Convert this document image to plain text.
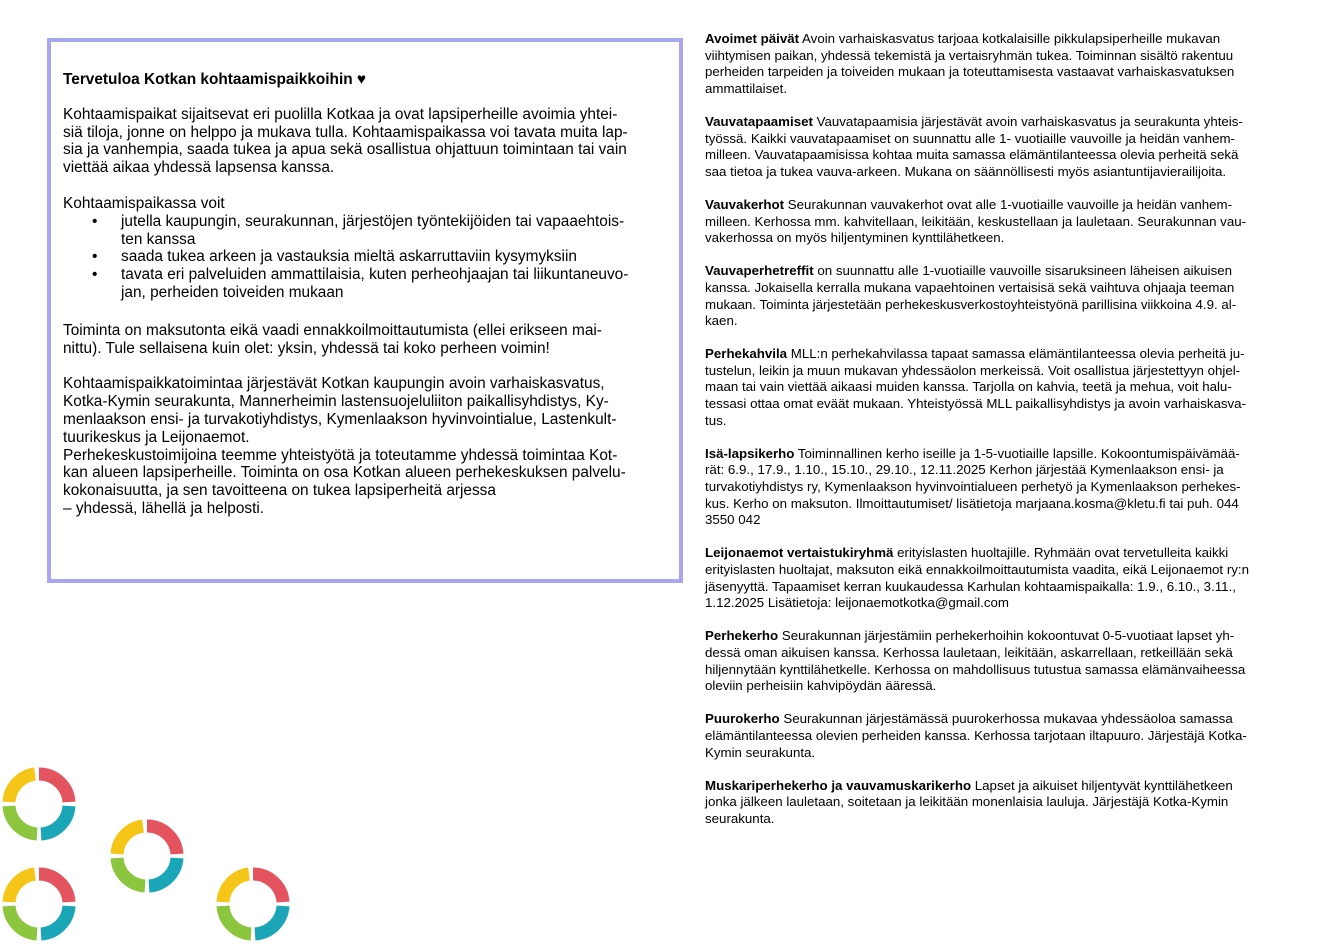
Tervetuloa Kotkan kohtaamispaikkoihin ♥

Kohtaamispaikat sijaitsevat eri puolilla Kotkaa ja ovat lapsiperheille avoimia yhtei-
siä tiloja, jonne on helppo ja mukava tulla. Kohtaamispaikassa voi tavata muita lap-
sia ja vanhempia, saada tukea ja apua sekä osallistua ohjattuun toimintaan tai vain
viettää aikaa yhdessä lapsensa kanssa.

Kohtaamispaikassa voit

• jutella kaupungin, seurakunnan, järjestöjen työntekijöiden tai vapaaehtois-
ten kanssa
• saada tukea arkeen ja vastauksia mieltä askarruttaviin kysymyksiin
• tavata eri palveluiden ammattilaisia, kuten perheohjaajan tai liikuntaneuvo-
jan, perheiden toiveiden mukaan

Toiminta on maksutonta eikä vaadi ennakkoilmoittautumista (ellei erikseen mai-
nittu). Tule sellaisena kuin olet: yksin, yhdessä tai koko perheen voimin!

Kohtaamispaikkatoimintaa järjestävät Kotkan kaupungin avoin varhaiskasvatus,
Kotka-Kymin seurakunta, Mannerheimin lastensuojeluliiton paikallisyhdistys, Ky-
menlaakson ensi- ja turvakotiyhdistys, Kymenlaakson hyvinvointialue, Lastenkult-
tuurikeskus ja Leijonaemot.
Perhekeskustoimijoina teemme yhteistyötä ja toteutamme yhdessä toimintaa Kot-
kan alueen lapsiperheille. Toiminta on osa Kotkan alueen perhekeskuksen palvelu-
kokonaisuutta, ja sen tavoitteena on tukea lapsiperheitä arjessa
– yhdessä, lähellä ja helposti.

Avoimet päivät Avoin varhaiskasvatus tarjoaa kotkalaisille pikkulapsiperheille mukavan
viihtymisen paikan, yhdessä tekemistä ja vertaisryhmän tukea. Toiminnan sisältö rakentuu
perheiden tarpeiden ja toiveiden mukaan ja toteuttamisesta vastaavat varhaiskasvatuksen
ammattilaiset.

Vauvatapaamiset Vauvatapaamisia järjestävät avoin varhaiskasvatus ja seurakunta yhteis-
työssä. Kaikki vauvatapaamiset on suunnattu alle 1- vuotiaille vauvoille ja heidän vanhem-
milleen. Vauvatapaamisissa kohtaa muita samassa elämäntilanteessa olevia perheitä sekä
saa tietoa ja tukea vauva-arkeen. Mukana on säännöllisesti myös asiantuntijavierailijoita.

Vauvakerhot Seurakunnan vauvakerhot ovat alle 1-vuotiaille vauvoille ja heidän vanhem-
milleen. Kerhossa mm. kahvitellaan, leikitään, keskustellaan ja lauletaan. Seurakunnan vau-
vakerhossa on myös hiljentyminen kynttilähetkeen.

Vauvaperhetreffit on suunnattu alle 1-vuotiaille vauvoille sisaruksineen läheisen aikuisen
kanssa. Jokaisella kerralla mukana vapaehtoinen vertaisisä sekä vaihtuva ohjaaja teeman
mukaan. Toiminta järjestetään perhekeskusverkostoyhteistyönä parillisina viikkoina 4.9. al-
kaen.

Perhekahvila MLL:n perhekahvilassa tapaat samassa elämäntilanteessa olevia perheitä ju-
tustelun, leikin ja muun mukavan yhdessäolon merkeissä. Voit osallistua järjestettyyn ohjel-
maan tai vain viettää aikaasi muiden kanssa. Tarjolla on kahvia, teetä ja mehua, voit halu-
tessasi ottaa omat eväät mukaan. Yhteistyössä MLL paikallisyhdistys ja avoin varhaiskasva-
tus.

Isä-lapsikerho Toiminnallinen kerho iseille ja 1-5-vuotiaille lapsille. Kokoontumispäivämää-
rät: 6.9., 17.9., 1.10., 15.10., 29.10., 12.11.2025 Kerhon järjestää Kymenlaakson ensi- ja
turvakotiyhdistys ry, Kymenlaakson hyvinvointialueen perhetyö ja Kymenlaakson perhekes-
kus. Kerho on maksuton. Ilmoittautumiset/ lisätietoja marjaana.kosma@kletu.fi tai puh. 044
3550 042

Leijonaemot vertaistukiryhmä erityislasten huoltajille. Ryhmään ovat tervetulleita kaikki
erityislasten huoltajat, maksuton eikä ennakkoilmoittautumista vaadita, eikä Leijonaemot ry:n
jäsenyyttä. Tapaamiset kerran kuukaudessa Karhulan kohtaamispaikalla: 1.9., 6.10., 3.11.,
1.12.2025 Lisätietoja: leijonaemotkotka@gmail.com

Perhekerho Seurakunnan järjestämiin perhekerhoihin kokoontuvat 0-5-vuotiaat lapset yh-
dessä oman aikuisen kanssa. Kerhossa lauletaan, leikitään, askarrellaan, retkeillään sekä
hiljennytään kynttilähetkelle. Kerhossa on mahdollisuus tutustua samassa elämänvaiheessa
oleviin perheisiin kahvipöydän ääressä.

Puurokerho Seurakunnan järjestämässä puurokerhossa mukavaa yhdessäoloa samassa
elämäntilanteessa olevien perheiden kanssa. Kerhossa tarjotaan iltapuuro. Järjestäjä Kotka-
Kymin seurakunta.

Muskariperhekerho ja vauvamuskarikerho Lapset ja aikuiset hiljentyvät kynttilähetkeen
jonka jälkeen lauletaan, soitetaan ja leikitään monenlaisia lauluja. Järjestäjä Kotka-Kymin
seurakunta.
